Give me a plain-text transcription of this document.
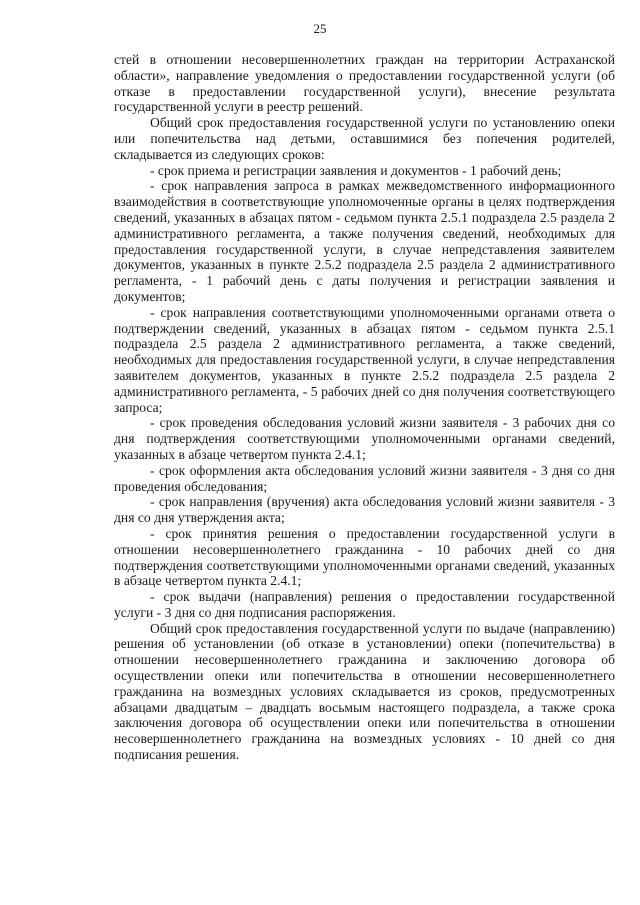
25

стей в отношении несовершеннолетних граждан на территории Астраханской области», направление уведомления о предоставлении государственной услуги (об отказе в предоставлении государственной услуги), внесение результата государственной услуги в реестр решений.

Общий срок предоставления государственной услуги по установлению опеки или попечительства над детьми, оставшимися без попечения родителей, складывается из следующих сроков:

- срок приема и регистрации заявления и документов - 1 рабочий день;

- срок направления запроса в рамках межведомственного информационного взаимодействия в соответствующие уполномоченные органы в целях подтверждения сведений, указанных в абзацах пятом - седьмом пункта 2.5.1 подраздела 2.5 раздела 2 административного регламента, а также получения сведений, необходимых для предоставления государственной услуги, в случае непредставления заявителем документов, указанных в пункте 2.5.2 подраздела 2.5 раздела 2 административного регламента, - 1 рабочий день с даты получения и регистрации заявления и документов;

- срок направления соответствующими уполномоченными органами ответа о подтверждении сведений, указанных в абзацах пятом - седьмом пункта 2.5.1 подраздела 2.5 раздела 2 административного регламента, а также сведений, необходимых для предоставления государственной услуги, в случае непредставления заявителем документов, указанных в пункте 2.5.2 подраздела 2.5 раздела 2 административного регламента, - 5 рабочих дней со дня получения соответствующего запроса;

- срок проведения обследования условий жизни заявителя - 3 рабочих дня со дня подтверждения соответствующими уполномоченными органами сведений, указанных в абзаце четвертом пункта 2.4.1;

- срок оформления акта обследования условий жизни заявителя - 3 дня со дня проведения обследования;

- срок направления (вручения) акта обследования условий жизни заявителя - 3 дня со дня утверждения акта;

- срок принятия решения о предоставлении государственной услуги в отношении несовершеннолетнего гражданина - 10 рабочих дней со дня подтверждения соответствующими уполномоченными органами сведений, указанных в абзаце четвертом пункта 2.4.1;

- срок выдачи (направления) решения о предоставлении государственной услуги - 3 дня со дня подписания распоряжения.

Общий срок предоставления государственной услуги по выдаче (направлению) решения об установлении (об отказе в установлении) опеки (попечительства) в отношении несовершеннолетнего гражданина и заключению договора об осуществлении опеки или попечительства в отношении несовершеннолетнего гражданина на возмездных условиях складывается из сроков, предусмотренных абзацами двадцатым – двадцать восьмым настоящего подраздела, а также срока заключения договора об осуществлении опеки или попечительства в отношении несовершеннолетнего гражданина на возмездных условиях - 10 дней со дня подписания решения.
